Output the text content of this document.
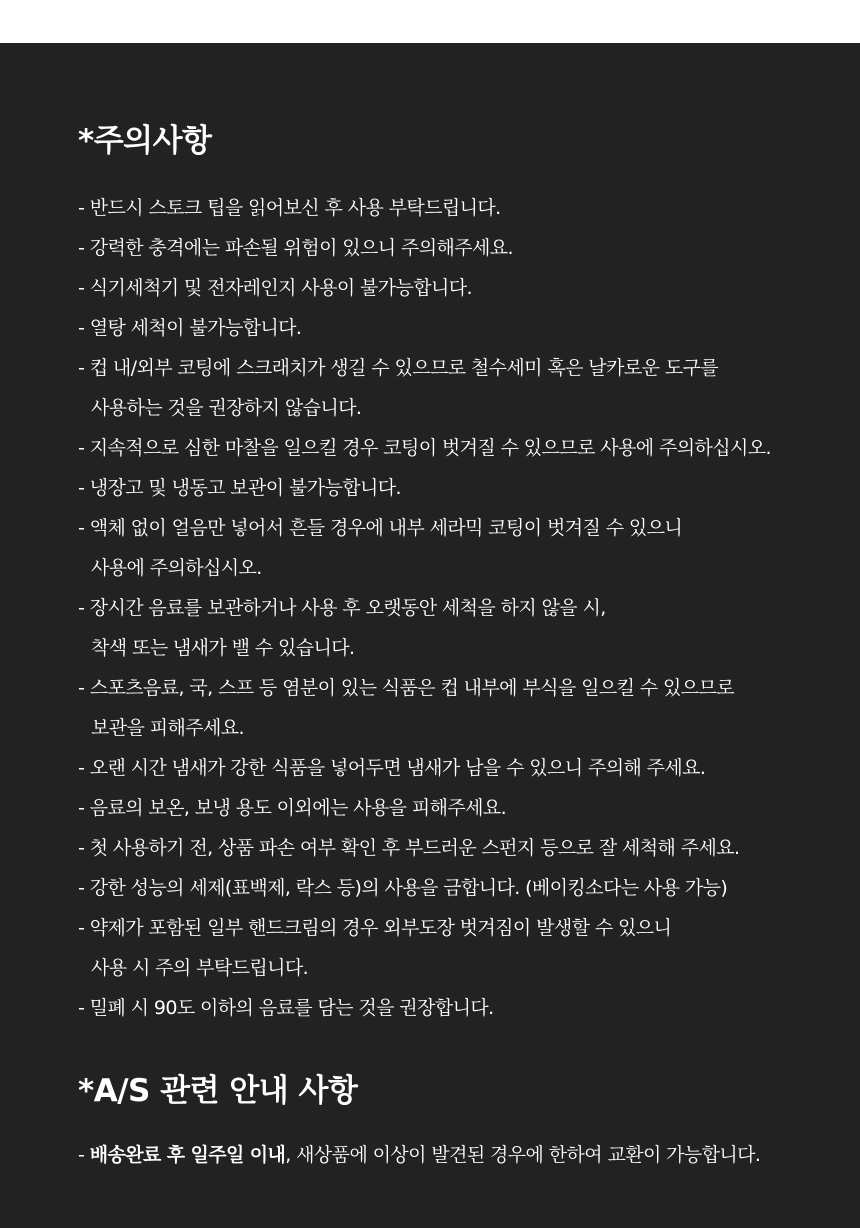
*주의사항
- 반드시 스토크 팁을 읽어보신 후 사용 부탁드립니다.
- 강력한 충격에는 파손될 위험이 있으니 주의해주세요.
- 식기세척기 및 전자레인지 사용이 불가능합니다.
- 열탕 세척이 불가능합니다.
- 컵 내/외부 코팅에 스크래치가 생길 수 있으므로 철수세미 혹은 날카로운 도구를
사용하는 것을 권장하지 않습니다.
- 지속적으로 심한 마찰을 일으킬 경우 코팅이 벗겨질 수 있으므로 사용에 주의하십시오.
- 냉장고 및 냉동고 보관이 불가능합니다.
- 액체 없이 얼음만 넣어서 흔들 경우에 내부 세라믹 코팅이 벗겨질 수 있으니
사용에 주의하십시오.
- 장시간 음료를 보관하거나 사용 후 오랫동안 세척을 하지 않을 시,
착색 또는 냄새가 밸 수 있습니다.
- 스포츠음료, 국, 스프 등 염분이 있는 식품은 컵 내부에 부식을 일으킬 수 있으므로
보관을 피해주세요.
- 오랜 시간 냄새가 강한 식품을 넣어두면 냄새가 남을 수 있으니 주의해 주세요.
- 음료의 보온, 보냉 용도 이외에는 사용을 피해주세요.
- 첫 사용하기 전, 상품 파손 여부 확인 후 부드러운 스펀지 등으로 잘 세척해 주세요.
- 강한 성능의 세제(표백제, 락스 등)의 사용을 금합니다. (베이킹소다는 사용 가능)
- 약제가 포함된 일부 핸드크림의 경우 외부도장 벗겨짐이 발생할 수 있으니
사용 시 주의 부탁드립니다.
- 밀폐 시 90도 이하의 음료를 담는 것을 권장합니다.
*A/S 관련 안내 사항
- 배송완료 후 일주일 이내, 새상품에 이상이 발견된 경우에 한하여 교환이 가능합니다.
